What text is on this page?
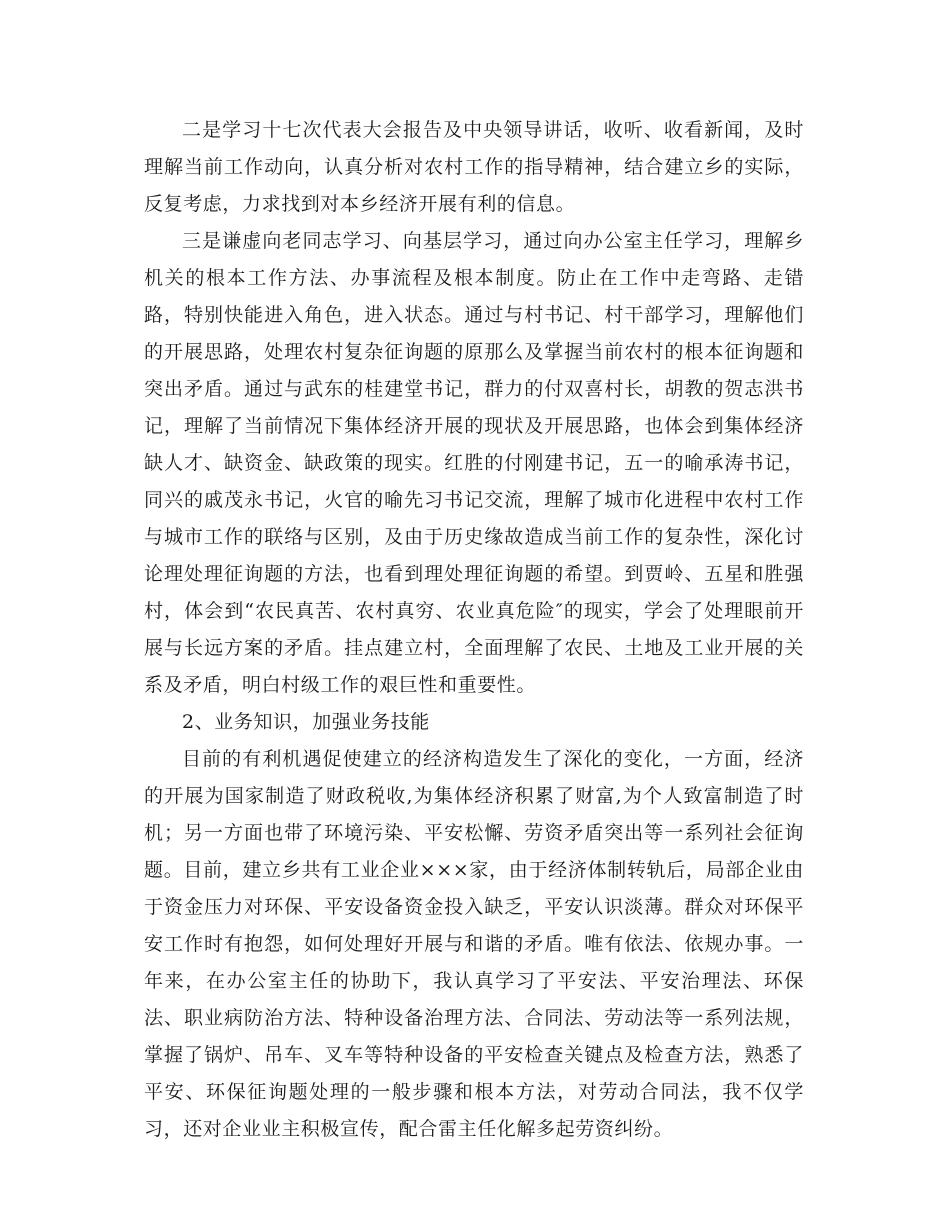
二是学习十七次代表大会报告及中央领导讲话，收听、收看新闻，及时理解当前工作动向，认真分析对农村工作的指导精神，结合建立乡的实际，反复考虑，力求找到对本乡经济开展有利的信息。

三是谦虚向老同志学习、向基层学习，通过向办公室主任学习，理解乡机关的根本工作方法、办事流程及根本制度。防止在工作中走弯路、走错路，特别快能进入角色，进入状态。通过与村书记、村干部学习，理解他们的开展思路，处理农村复杂征询题的原那么及掌握当前农村的根本征询题和突出矛盾。通过与武东的桂建堂书记，群力的付双喜村长，胡教的贺志洪书记，理解了当前情况下集体经济开展的现状及开展思路，也体会到集体经济缺人才、缺资金、缺政策的现实。红胜的付刚建书记，五一的喻承涛书记，同兴的戚茂永书记，火官的喻先习书记交流，理解了城市化进程中农村工作与城市工作的联络与区别，及由于历史缘故造成当前工作的复杂性，深化讨论理处理征询题的方法，也看到理处理征询题的希望。到贾岭、五星和胜强村，体会到“农民真苦、农村真穷、农业真危险″的现实，学会了处理眼前开展与长远方案的矛盾。挂点建立村，全面理解了农民、土地及工业开展的关系及矛盾，明白村级工作的艰巨性和重要性。

2、业务知识，加强业务技能

目前的有利机遇促使建立的经济构造发生了深化的变化，一方面，经济的开展为国家制造了财政税收,为集体经济积累了财富,为个人致富制造了时机；另一方面也带了环境污染、平安松懈、劳资矛盾突出等一系列社会征询题。目前，建立乡共有工业企业×××家，由于经济体制转轨后，局部企业由于资金压力对环保、平安设备资金投入缺乏，平安认识淡薄。群众对环保平安工作时有抱怨，如何处理好开展与和谐的矛盾。唯有依法、依规办事。一年来，在办公室主任的协助下，我认真学习了平安法、平安治理法、环保法、职业病防治方法、特种设备治理方法、合同法、劳动法等一系列法规，掌握了锅炉、吊车、叉车等特种设备的平安检查关键点及检查方法，熟悉了平安、环保征询题处理的一般步骤和根本方法，对劳动合同法，我不仅学习，还对企业业主积极宣传，配合雷主任化解多起劳资纠纷。
